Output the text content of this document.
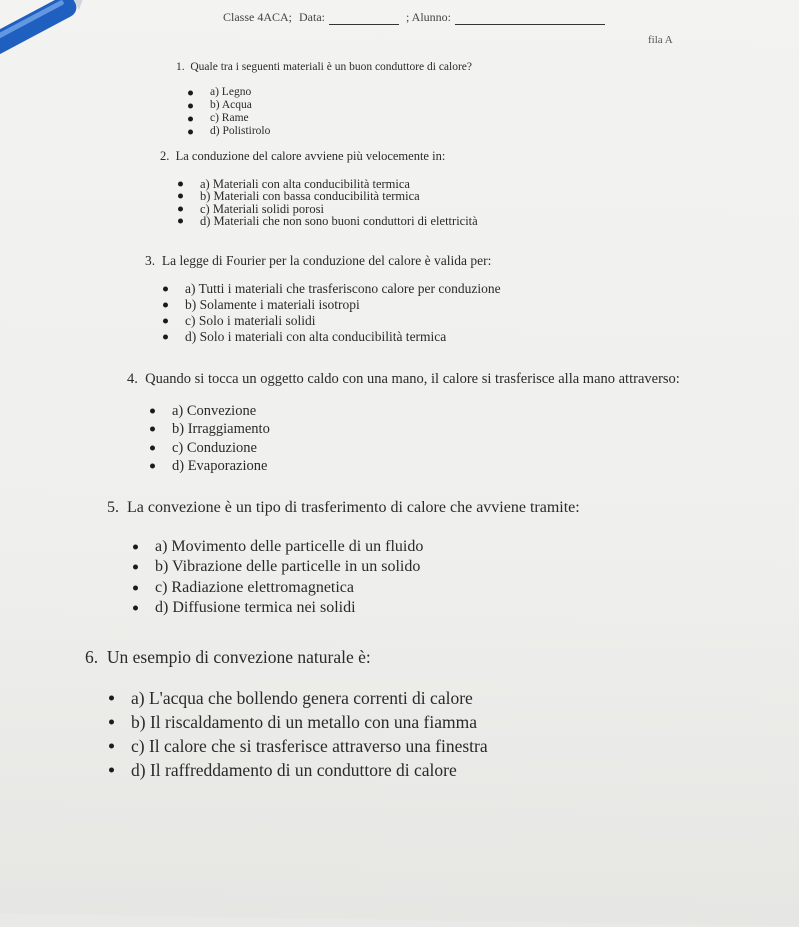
Classe 4ACA; Data:	; Alunno:
fila A
1. Quale tra i seguenti materiali è un buon conduttore di calore?
a) Legno
b) Acqua
c) Rame
d) Polistirolo
2. La conduzione del calore avviene più velocemente in:
a) Materiali con alta conducibilità termica
b) Materiali con bassa conducibilità termica
c) Materiali solidi porosi
d) Materiali che non sono buoni conduttori di elettricità
3. La legge di Fourier per la conduzione del calore è valida per:
a) Tutti i materiali che trasferiscono calore per conduzione
b) Solamente i materiali isotropi
c) Solo i materiali solidi
d) Solo i materiali con alta conducibilità termica
4. Quando si tocca un oggetto caldo con una mano, il calore si trasferisce alla mano attraverso:
a) Convezione
b) Irraggiamento
c) Conduzione
d) Evaporazione
5. La convezione è un tipo di trasferimento di calore che avviene tramite:
a) Movimento delle particelle di un fluido
b) Vibrazione delle particelle in un solido
c) Radiazione elettromagnetica
d) Diffusione termica nei solidi
6. Un esempio di convezione naturale è:
a) L'acqua che bollendo genera correnti di calore
b) Il riscaldamento di un metallo con una fiamma
c) Il calore che si trasferisce attraverso una finestra
d) Il raffreddamento di un conduttore di calore
